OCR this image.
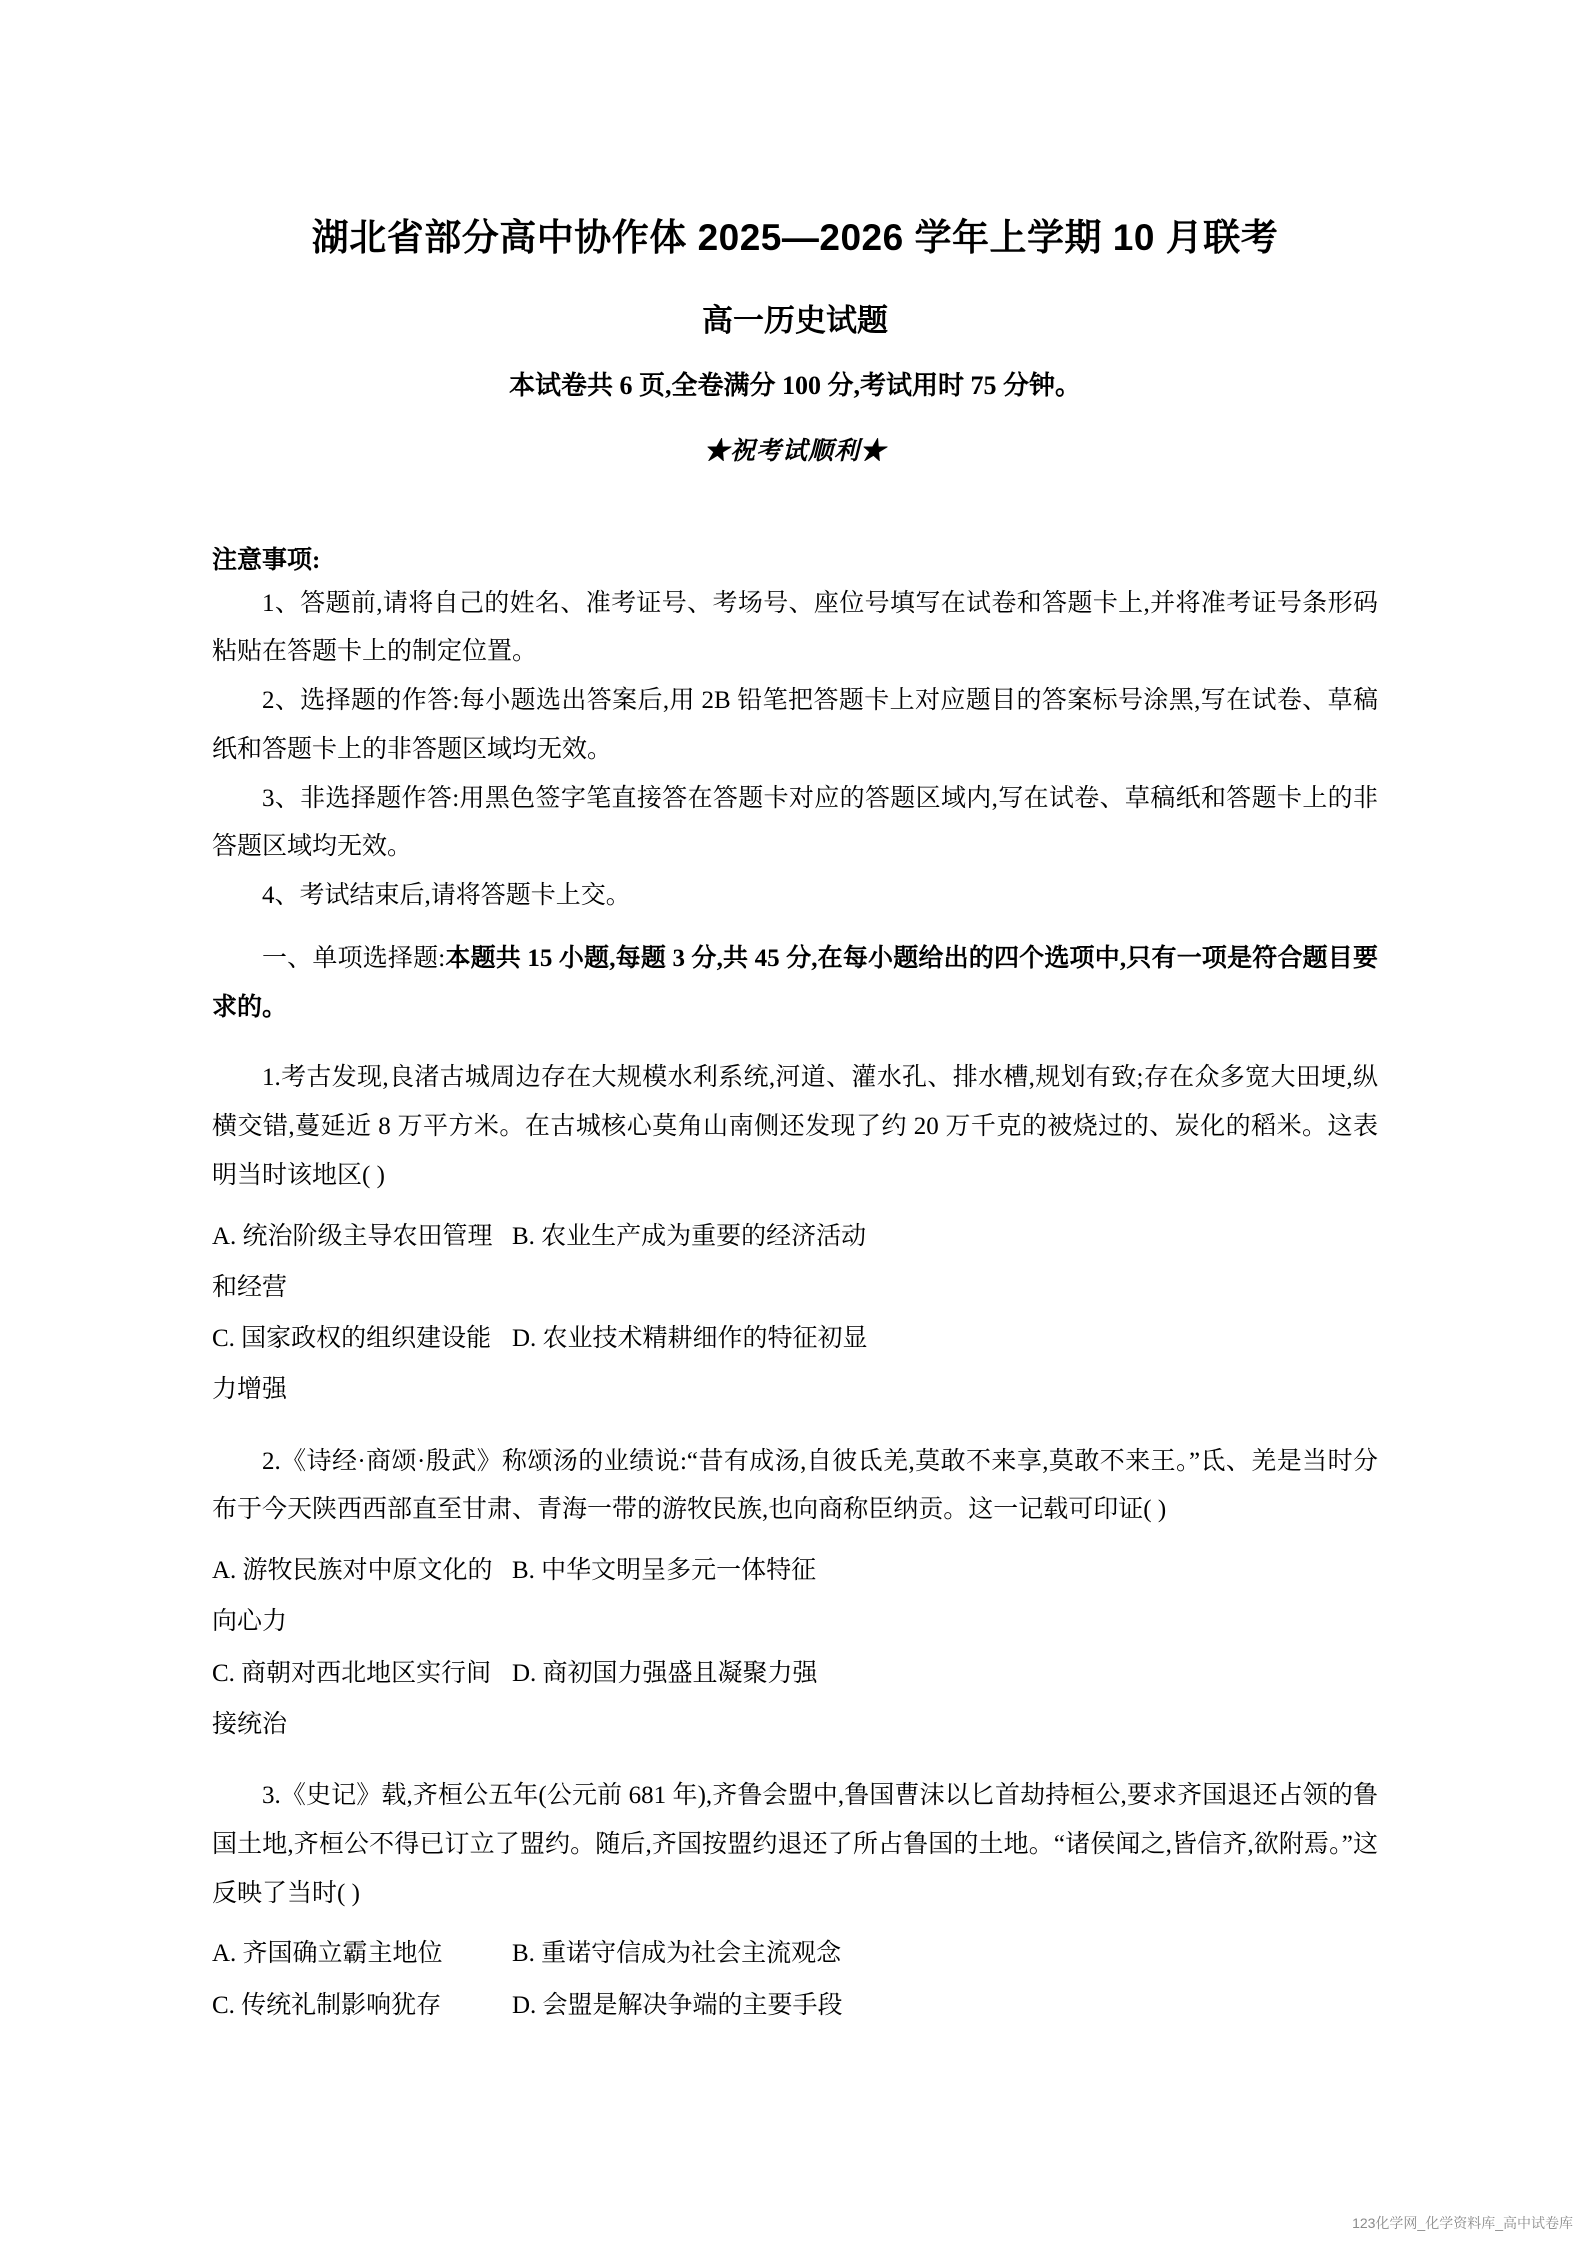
湖北省部分高中协作体 2025—2026 学年上学期 10 月联考
高一历史试题

本试卷共 6 页,全卷满分 100 分,考试用时 75 分钟。

★祝考试顺利★

注意事项:

1、答题前,请将自己的姓名、准考证号、考场号、座位号填写在试卷和答题卡上,并将准考证号条形码粘贴在答题卡上的制定位置。

2、选择题的作答:每小题选出答案后,用 2B 铅笔把答题卡上对应题目的答案标号涂黑,写在试卷、草稿纸和答题卡上的非答题区域均无效。

3、非选择题作答:用黑色签字笔直接答在答题卡对应的答题区域内,写在试卷、草稿纸和答题卡上的非答题区域均无效。

4、考试结束后,请将答题卡上交。

一、单项选择题:本题共 15 小题,每题 3 分,共 45 分,在每小题给出的四个选项中,只有一项是符合题目要求的。

1.考古发现,良渚古城周边存在大规模水利系统,河道、灌水孔、排水槽,规划有致;存在众多宽大田埂,纵横交错,蔓延近 8 万平方米。在古城核心莫角山南侧还发现了约 20 万千克的被烧过的、炭化的稻米。这表明当时该地区( )

A. 统治阶级主导农田管理和经营
B. 农业生产成为重要的经济活动
C. 国家政权的组织建设能力增强
D. 农业技术精耕细作的特征初显

2.《诗经·商颂·殷武》称颂汤的业绩说:“昔有成汤,自彼氐羌,莫敢不来享,莫敢不来王。”氐、羌是当时分布于今天陕西西部直至甘肃、青海一带的游牧民族,也向商称臣纳贡。这一记载可印证( )

A. 游牧民族对中原文化的向心力
B. 中华文明呈多元一体特征
C. 商朝对西北地区实行间接统治
D. 商初国力强盛且凝聚力强

3.《史记》载,齐桓公五年(公元前 681 年),齐鲁会盟中,鲁国曹沫以匕首劫持桓公,要求齐国退还占领的鲁国土地,齐桓公不得已订立了盟约。随后,齐国按盟约退还了所占鲁国的土地。“诸侯闻之,皆信齐,欲附焉。”这反映了当时( )

A. 齐国确立霸主地位	B. 重诺守信成为社会主流观念
C. 传统礼制影响犹存	D. 会盟是解决争端的主要手段
123化学网_化学资料库_高中试卷库
